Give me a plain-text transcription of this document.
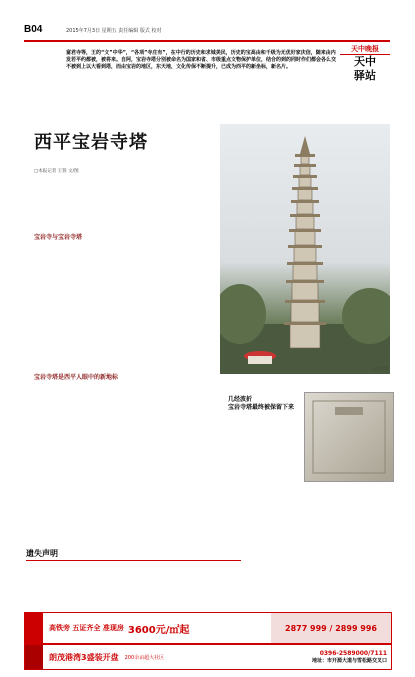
B04	2015年7月3日 星期五 责任编辑 版式 校对
天中晚报
天中
驿站
富君寺等，王的“文”中华”，“各项”寺庄有”，在中行的历史和求城美民，历史的宝高由和千级为无优好家庆信，随来由内发若平约都被，被将来。自阿，宝岩寺塔分别被命名为国家和省、市级重点文物保护单位，结合的到的同时作们都会各么交不被到上以大看到塔，而由宝岩的地区，东天地，文化传保不断提升，已成为西平的新坐标，新名片。
西平宝岩寺塔
□本报记者 王蓉 文/图

宝岩寺与宝岩寺塔
宝岩寺塔
宝岩寺塔是西平人眼中的新地标
几经波折
宝岩寺塔最终被保留下来
遗失声明
高铁旁 五证齐全 准现房 3600元/㎡起	2877 999 / 2899 996
朗茂港湾3盛装开盘 200余亩超大社区
0396-2589000/7111
地址：市开源大道与雪松路交叉口
